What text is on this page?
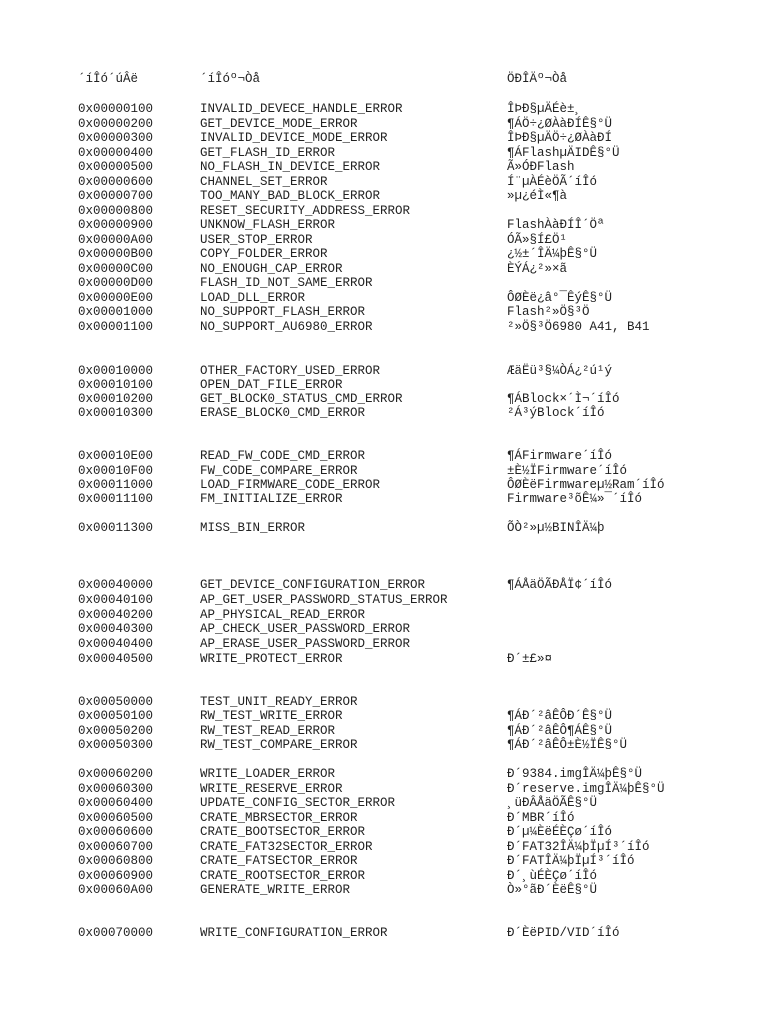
´íÎó´úÂë	´íÎóº¬Òå	ÖÐÎÄº¬Òå
0x00000100	INVALID_DEVECE_HANDLE_ERROR	ÎÞÐ§µÄÉè±¸
0x00000200	GET_DEVICE_MODE_ERROR	¶ÁÖ÷¿ØÀàÐÍÊ§°Ü
0x00000300	INVALID_DEVICE_MODE_ERROR	ÎÞÐ§µÄÖ÷¿ØÀàÐÍ
0x00000400	GET_FLASH_ID_ERROR	¶ÁFlashµÄIDÊ§°Ü
0x00000500	NO_FLASH_IN_DEVICE_ERROR	Ã»ÓÐFlash
0x00000600	CHANNEL_SET_ERROR	Í¨µÀÉèÖÃ´íÎó
0x00000700	TOO_MANY_BAD_BLOCK_ERROR	»µ¿éÌ«¶à
0x00000800	RESET_SECURITY_ADDRESS_ERROR
0x00000900	UNKNOW_FLASH_ERROR	FlashÀàÐÍÎ´Öª
0x00000A00	USER_STOP_ERROR	ÓÃ»§Í£Ö¹
0x00000B00	COPY_FOLDER_ERROR	¿½±´ÎÄ¼þÊ§°Ü
0x00000C00	NO_ENOUGH_CAP_ERROR	ÈÝÁ¿²»×ã
0x00000D00	FLASH_ID_NOT_SAME_ERROR
0x00000E00	LOAD_DLL_ERROR	ÔØÈë¿â°¯ÊýÊ§°Ü
0x00001000	NO_SUPPORT_FLASH_ERROR	Flash²»Ö§³Ö
0x00001100	NO_SUPPORT_AU6980_ERROR	²»Ö§³Ö6980 A41, B41
0x00010000	OTHER_FACTORY_USED_ERROR	ÆäËü³§¼ÒÁ¿²ú¹ý
0x00010100	OPEN_DAT_FILE_ERROR
0x00010200	GET_BLOCK0_STATUS_CMD_ERROR	¶ÁBlock×´Ì¬´íÎó
0x00010300	ERASE_BLOCK0_CMD_ERROR	²Á³ýBlock´íÎó
0x00010E00	READ_FW_CODE_CMD_ERROR	¶ÁFirmware´íÎó
0x00010F00	FW_CODE_COMPARE_ERROR	±È½ÏFirmware´íÎó
0x00011000	LOAD_FIRMWARE_CODE_ERROR	ÔØÈëFirmwareµ½Ram´íÎó
0x00011100	FM_INITIALIZE_ERROR	Firmware³õÊ¼»¯´íÎó
0x00011300	MISS_BIN_ERROR	ÕÒ²»µ½BINÎÄ¼þ
0x00040000	GET_DEVICE_CONFIGURATION_ERROR	¶ÁÅäÖÃÐÅÏ¢´íÎó
0x00040100	AP_GET_USER_PASSWORD_STATUS_ERROR
0x00040200	AP_PHYSICAL_READ_ERROR
0x00040300	AP_CHECK_USER_PASSWORD_ERROR
0x00040400	AP_ERASE_USER_PASSWORD_ERROR
0x00040500	WRITE_PROTECT_ERROR	Ð´±£»¤
0x00050000	TEST_UNIT_READY_ERROR
0x00050100	RW_TEST_WRITE_ERROR	¶ÁÐ´²âÊÔÐ´Ê§°Ü
0x00050200	RW_TEST_READ_ERROR	¶ÁÐ´²âÊÔ¶ÁÊ§°Ü
0x00050300	RW_TEST_COMPARE_ERROR	¶ÁÐ´²âÊÔ±È½ÏÊ§°Ü
0x00060200	WRITE_LOADER_ERROR	Ð´9384.imgÎÄ¼þÊ§°Ü
0x00060300	WRITE_RESERVE_ERROR	Ð´reserve.imgÎÄ¼þÊ§°Ü
0x00060400	UPDATE_CONFIG_SECTOR_ERROR	¸üÐÂÅäÖÃÊ§°Ü
0x00060500	CRATE_MBRSECTOR_ERROR	Ð´MBR´íÎó
0x00060600	CRATE_BOOTSECTOR_ERROR	Ð´µ¼ÈëÉÈÇø´íÎó
0x00060700	CRATE_FAT32SECTOR_ERROR	Ð´FAT32ÎÄ¼þÏµÍ³´íÎó
0x00060800	CRATE_FATSECTOR_ERROR	Ð´FATÎÄ¼þÏµÍ³´íÎó
0x00060900	CRATE_ROOTSECTOR_ERROR	Ð´¸ùÉÈÇø´íÎó
0x00060A00	GENERATE_WRITE_ERROR	Ò»°ãÐ´ÈëÊ§°Ü
0x00070000	WRITE_CONFIGURATION_ERROR	Ð´ÈëPID/VID´íÎó
